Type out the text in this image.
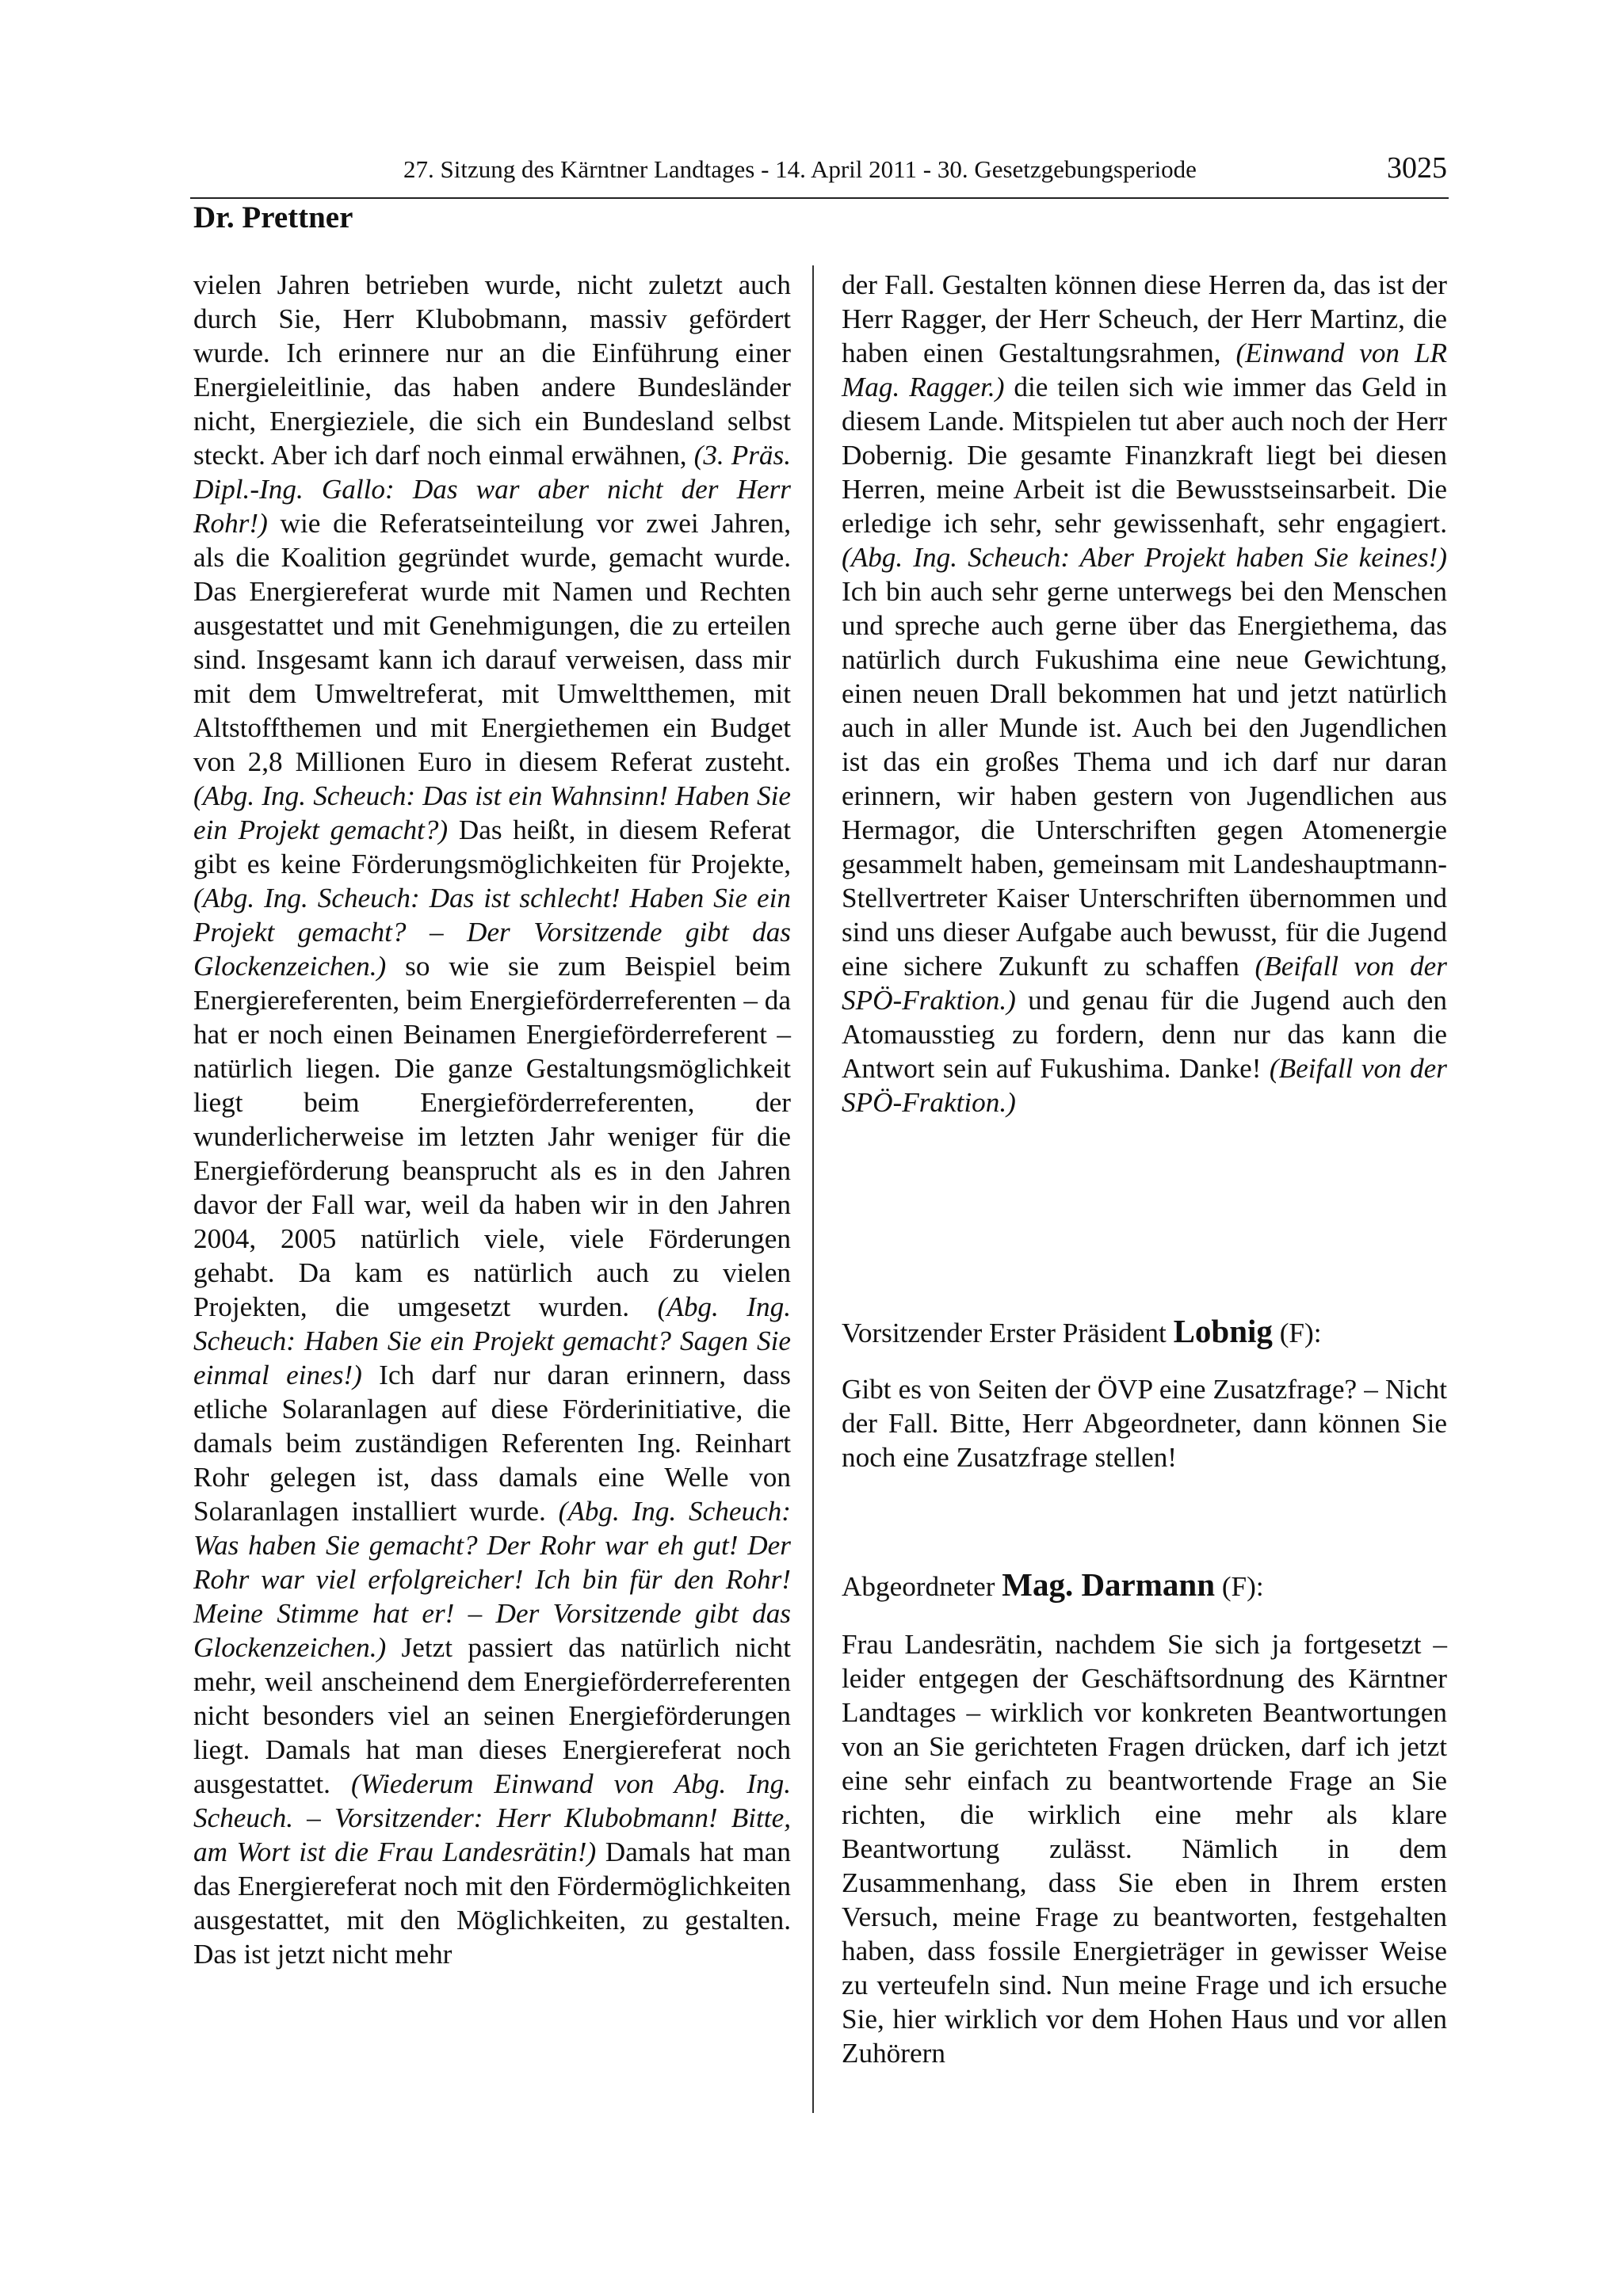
27. Sitzung des Kärntner Landtages - 14. April 2011 - 30. Gesetzgebungsperiode	3025
Dr. Prettner

vielen Jahren betrieben wurde, nicht zuletzt auch durch Sie, Herr Klubobmann, massiv gefördert wurde. Ich erinnere nur an die Einführung einer Energieleitlinie, das haben andere Bundesländer nicht, Energieziele, die sich ein Bundesland selbst steckt. Aber ich darf noch einmal erwähnen, (3. Präs. Dipl.-Ing. Gallo: Das war aber nicht der Herr Rohr!) wie die Referatseinteilung vor zwei Jahren, als die Koalition gegründet wurde, gemacht wurde. Das Energiereferat wurde mit Namen und Rechten ausgestattet und mit Genehmigungen, die zu erteilen sind. Insgesamt kann ich darauf verweisen, dass mir mit dem Umweltreferat, mit Umweltthemen, mit Altstoffthemen und mit Energiethemen ein Budget von 2,8 Millionen Euro in diesem Referat zusteht. (Abg. Ing. Scheuch: Das ist ein Wahnsinn! Haben Sie ein Projekt gemacht?) Das heißt, in diesem Referat gibt es keine Förderungsmöglichkeiten für Projekte, (Abg. Ing. Scheuch: Das ist schlecht! Haben Sie ein Projekt gemacht? – Der Vorsitzende gibt das Glockenzeichen.) so wie sie zum Beispiel beim Energiereferenten, beim Energieförderreferenten – da hat er noch einen Beinamen Energieförderreferent – natürlich liegen. Die ganze Gestaltungsmöglichkeit liegt beim Energieförderreferenten, der wunderlicherweise im letzten Jahr weniger für die Energieförderung beansprucht als es in den Jahren davor der Fall war, weil da haben wir in den Jahren 2004, 2005 natürlich viele, viele Förderungen gehabt. Da kam es natürlich auch zu vielen Projekten, die umgesetzt wurden. (Abg. Ing. Scheuch: Haben Sie ein Projekt gemacht? Sagen Sie einmal eines!) Ich darf nur daran erinnern, dass etliche Solaranlagen auf diese Förderinitiative, die damals beim zuständigen Referenten Ing. Reinhart Rohr gelegen ist, dass damals eine Welle von Solaranlagen installiert wurde. (Abg. Ing. Scheuch: Was haben Sie gemacht? Der Rohr war eh gut! Der Rohr war viel erfolgreicher! Ich bin für den Rohr! Meine Stimme hat er! – Der Vorsitzende gibt das Glockenzeichen.) Jetzt passiert das natürlich nicht mehr, weil anscheinend dem Energieförderreferenten nicht besonders viel an seinen Energieförderungen liegt. Damals hat man dieses Energiereferat noch ausgestattet. (Wiederum Einwand von Abg. Ing. Scheuch. – Vorsitzender: Herr Klubobmann! Bitte, am Wort ist die Frau Landesrätin!) Damals hat man das Energiereferat noch mit den Fördermöglichkeiten ausgestattet, mit den Möglichkeiten, zu gestalten. Das ist jetzt nicht mehr

der Fall. Gestalten können diese Herren da, das ist der Herr Ragger, der Herr Scheuch, der Herr Martinz, die haben einen Gestaltungsrahmen, (Einwand von LR Mag. Ragger.) die teilen sich wie immer das Geld in diesem Lande. Mitspielen tut aber auch noch der Herr Dobernig. Die gesamte Finanzkraft liegt bei diesen Herren, meine Arbeit ist die Bewusstseinsarbeit. Die erledige ich sehr, sehr gewissenhaft, sehr engagiert. (Abg. Ing. Scheuch: Aber Projekt haben Sie keines!) Ich bin auch sehr gerne unterwegs bei den Menschen und spreche auch gerne über das Energiethema, das natürlich durch Fukushima eine neue Gewichtung, einen neuen Drall bekommen hat und jetzt natürlich auch in aller Munde ist. Auch bei den Jugendlichen ist das ein großes Thema und ich darf nur daran erinnern, wir haben gestern von Jugendlichen aus Hermagor, die Unterschriften gegen Atomenergie gesammelt haben, gemeinsam mit Landeshauptmann-Stellvertreter Kaiser Unterschriften übernommen und sind uns dieser Aufgabe auch bewusst, für die Jugend eine sichere Zukunft zu schaffen (Beifall von der SPÖ-Fraktion.) und genau für die Jugend auch den Atomausstieg zu fordern, denn nur das kann die Antwort sein auf Fukushima. Danke! (Beifall von der SPÖ-Fraktion.)

Vorsitzender Erster Präsident Lobnig (F):
Gibt es von Seiten der ÖVP eine Zusatzfrage? – Nicht der Fall. Bitte, Herr Abgeordneter, dann können Sie noch eine Zusatzfrage stellen!
Abgeordneter Mag. Darmann (F):
Frau Landesrätin, nachdem Sie sich ja fortgesetzt – leider entgegen der Geschäftsordnung des Kärntner Landtages – wirklich vor konkreten Beantwortungen von an Sie gerichteten Fragen drücken, darf ich jetzt eine sehr einfach zu beantwortende Frage an Sie richten, die wirklich eine mehr als klare Beantwortung zulässt. Nämlich in dem Zusammenhang, dass Sie eben in Ihrem ersten Versuch, meine Frage zu beantworten, festgehalten haben, dass fossile Energieträger in gewisser Weise zu verteufeln sind. Nun meine Frage und ich ersuche Sie, hier wirklich vor dem Hohen Haus und vor allen Zuhörern
